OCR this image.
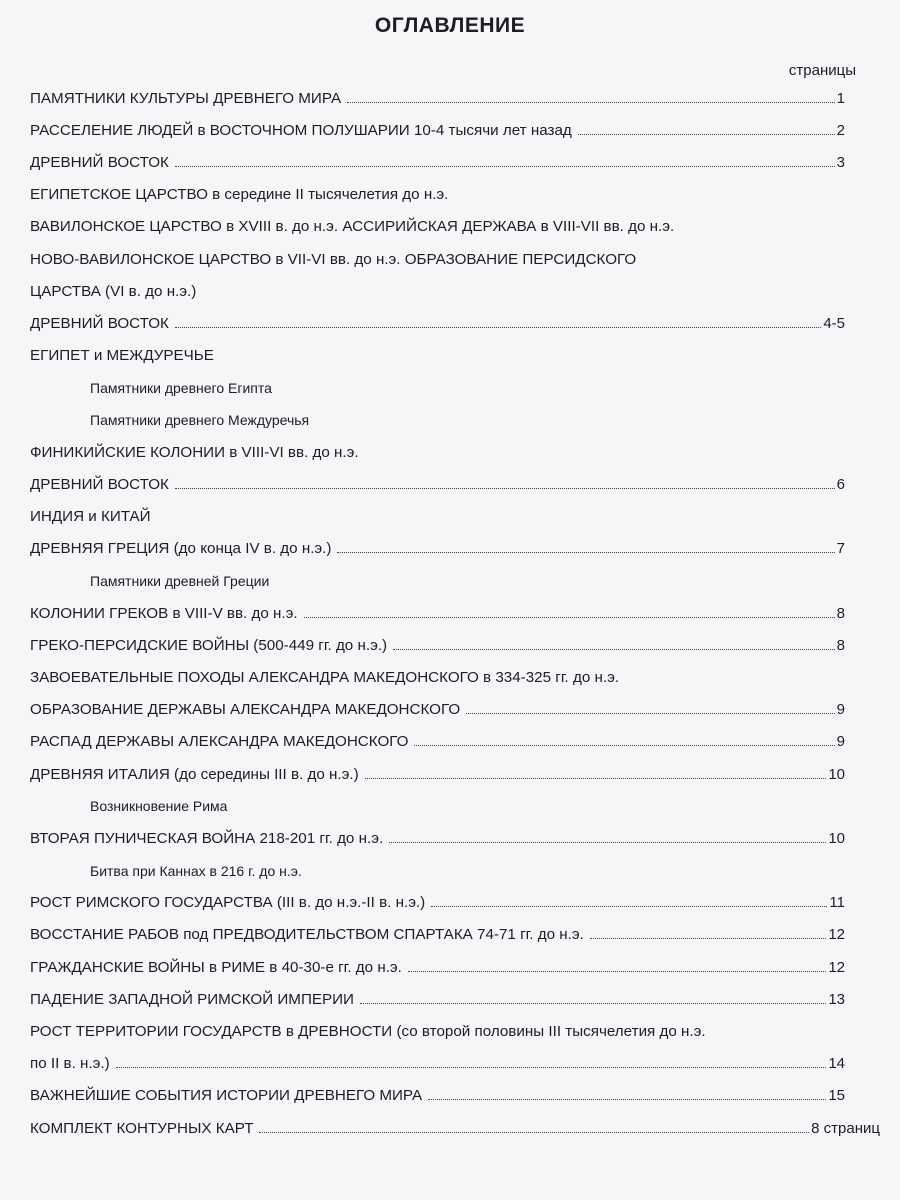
ОГЛАВЛЕНИЕ
страницы
ПАМЯТНИКИ КУЛЬТУРЫ ДРЕВНЕГО МИРА	1
РАССЕЛЕНИЕ ЛЮДЕЙ в ВОСТОЧНОМ ПОЛУШАРИИ 10-4 тысячи лет назад	2
ДРЕВНИЙ ВОСТОК	3
ЕГИПЕТСКОЕ ЦАРСТВО в середине II тысячелетия до н.э.
ВАВИЛОНСКОЕ ЦАРСТВО в XVIII в. до н.э. АССИРИЙСКАЯ ДЕРЖАВА в VIII-VII вв. до н.э.
НОВО-ВАВИЛОНСКОЕ ЦАРСТВО в VII-VI вв. до н.э. ОБРАЗОВАНИЕ ПЕРСИДСКОГО
ЦАРСТВА (VI в. до н.э.)
ДРЕВНИЙ ВОСТОК	4-5
ЕГИПЕТ и МЕЖДУРЕЧЬЕ
Памятники древнего Египта
Памятники древнего Междуречья
ФИНИКИЙСКИЕ КОЛОНИИ в VIII-VI вв. до н.э.
ДРЕВНИЙ ВОСТОК	6
ИНДИЯ и КИТАЙ
ДРЕВНЯЯ ГРЕЦИЯ (до конца IV в. до н.э.)	7
Памятники древней Греции
КОЛОНИИ ГРЕКОВ в VIII-V вв. до н.э.	8
ГРЕКО-ПЕРСИДСКИЕ ВОЙНЫ (500-449 гг. до н.э.)	8
ЗАВОЕВАТЕЛЬНЫЕ ПОХОДЫ АЛЕКСАНДРА МАКЕДОНСКОГО в 334-325 гг. до н.э.
ОБРАЗОВАНИЕ ДЕРЖАВЫ АЛЕКСАНДРА МАКЕДОНСКОГО	9
РАСПАД ДЕРЖАВЫ АЛЕКСАНДРА МАКЕДОНСКОГО	9
ДРЕВНЯЯ ИТАЛИЯ (до середины III в. до н.э.)	10
Возникновение Рима
ВТОРАЯ ПУНИЧЕСКАЯ ВОЙНА 218-201 гг. до н.э.	10
Битва при Каннах в 216 г. до н.э.
РОСТ РИМСКОГО ГОСУДАРСТВА (III в. до н.э.-II в. н.э.)	11
ВОССТАНИЕ РАБОВ под ПРЕДВОДИТЕЛЬСТВОМ СПАРТАКА 74-71 гг. до н.э.	12
ГРАЖДАНСКИЕ ВОЙНЫ в РИМЕ в 40-30-е гг. до н.э.	12
ПАДЕНИЕ ЗАПАДНОЙ РИМСКОЙ ИМПЕРИИ	13
РОСТ ТЕРРИТОРИИ ГОСУДАРСТВ в ДРЕВНОСТИ (со второй половины III тысячелетия до н.э.
по II в. н.э.)	14
ВАЖНЕЙШИЕ СОБЫТИЯ ИСТОРИИ ДРЕВНЕГО МИРА	15
КОМПЛЕКТ КОНТУРНЫХ КАРТ	8 страниц
